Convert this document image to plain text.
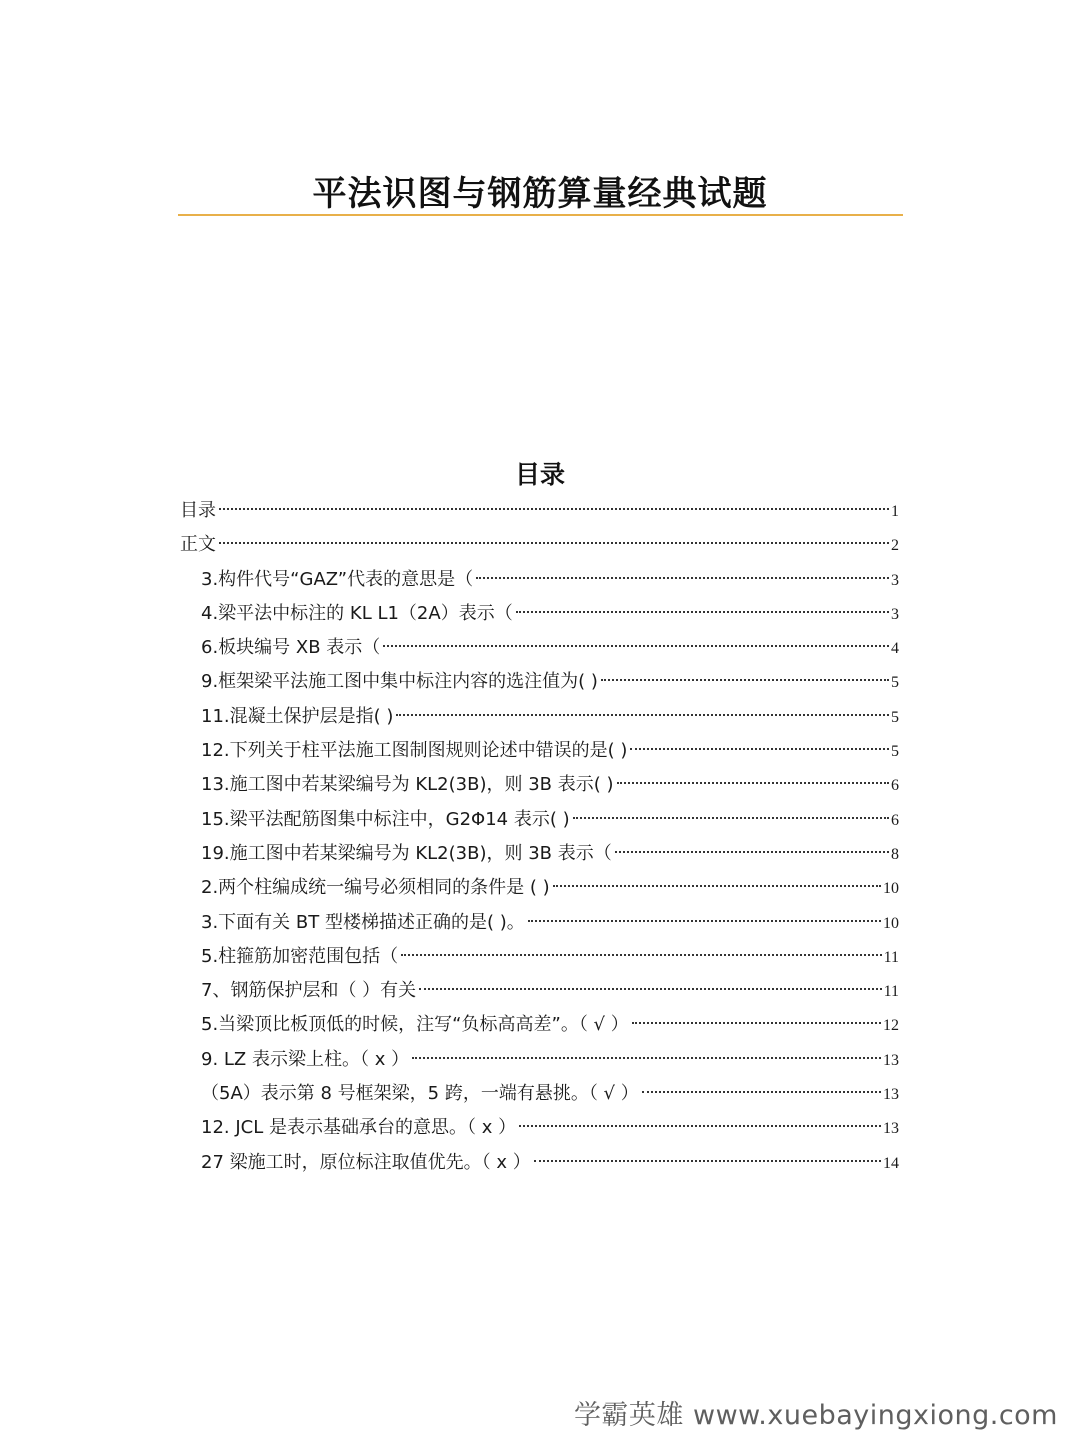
平法识图与钢筋算量经典试题
目录
目录	1
正文	2
3.构件代号“GAZ”代表的意思是（	3
4.梁平法中标注的 KL L1（2A）表示（	3
6.板块编号 XB 表示（	4
9.框架梁平法施工图中集中标注内容的选注值为( )	5
11.混凝土保护层是指( )	5
12.下列关于柱平法施工图制图规则论述中错误的是( )	5
13.施工图中若某梁编号为 KL2(3B)，则 3B 表示( )	6
15.梁平法配筋图集中标注中，G2Φ14 表示( )	6
19.施工图中若某梁编号为 KL2(3B)，则 3B 表示（	8
2.两个柱编成统一编号必须相同的条件是 ( )	10
3.下面有关 BT 型楼梯描述正确的是( )。	10
5.柱箍筋加密范围包括（	11
7、钢筋保护层和（ ）有关	11
5.当梁顶比板顶低的时候，注写“负标高高差”。（ √ ）	12
9. LZ 表示梁上柱。（ x ）	13
（5A）表示第 8 号框架梁，5 跨，一端有悬挑。（ √ ）	13
12. JCL 是表示基础承台的意思。（ x ）	13
27 梁施工时，原位标注取值优先。（ x ）	14
学霸英雄 www.xuebayingxiong.com
